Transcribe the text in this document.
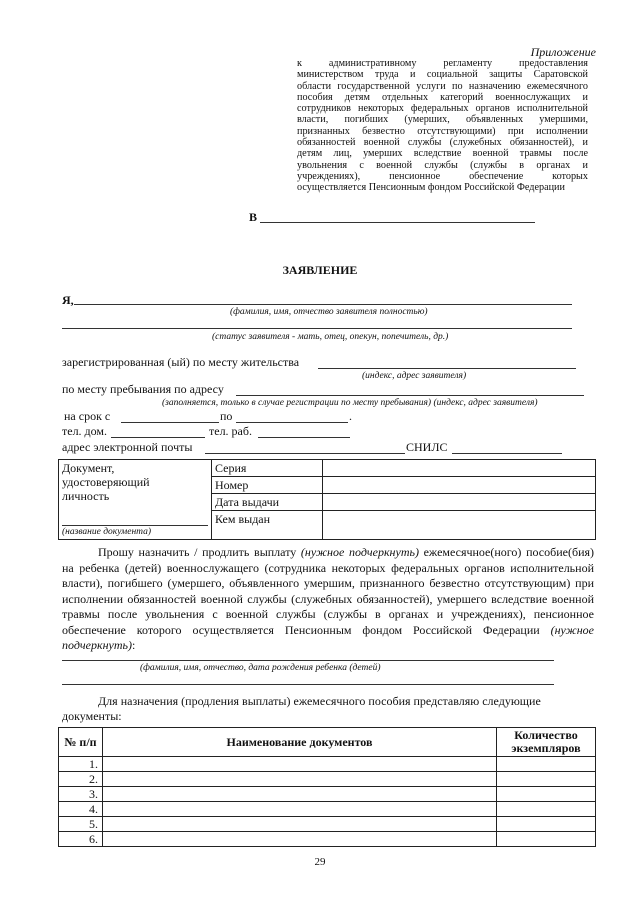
Приложение
к административному регламенту предоставления
министерством труда и социальной защиты Саратовской
области государственной услуги по назначению ежемесячного
пособия детям отдельных категорий военнослужащих и
сотрудников некоторых федеральных органов исполнительной
власти, погибших (умерших, объявленных умершими,
признанных безвестно отсутствующими) при исполнении
обязанностей военной службы (служебных обязанностей), и
детям лиц, умерших вследствие военной травмы после
увольнения с военной службы (службы в органах и
учреждениях), пенсионное обеспечение которых
осуществляется Пенсионным фондом Российской Федерации
В
ЗАЯВЛЕНИЕ
Я,
(фамилия, имя, отчество заявителя полностью)
(статус заявителя - мать, отец, опекун, попечитель, др.)
зарегистрированная (ый) по месту жительства
(индекс, адрес заявителя)
по месту пребывания по адресу
(заполняется, только в случае регистрации по месту пребывания) (индекс, адрес заявителя)
на срок с	по	.
тел. дом.	тел. раб.
адрес электронной почты	СНИЛС
Документ,
удостоверяющий
личность
(название документа)	Серия	
	Номер	
	Дата выдачи	
	Кем выдан	
Прошу назначить / продлить выплату (нужное подчеркнуть) ежемесячное(ного) пособие(бия) на ребенка (детей) военнослужащего (сотрудника некоторых федеральных органов исполнительной власти), погибшего (умершего, объявленного умершим, признанного безвестно отсутствующим) при исполнении обязанностей военной службы (служебных обязанностей), умершего вследствие военной травмы после увольнения с военной службы (службы в органах и учреждениях), пенсионное обеспечение которого осуществляется Пенсионным фондом Российской Федерации (нужное подчеркнуть):
(фамилия, имя, отчество, дата рождения ребенка (детей)
Для назначения (продления выплаты) ежемесячного пособия представляю следующие документы:
№ п/п	Наименование документов	Количество экземпляров
1.		
2.		
3.		
4.		
5.		
6.		
29
